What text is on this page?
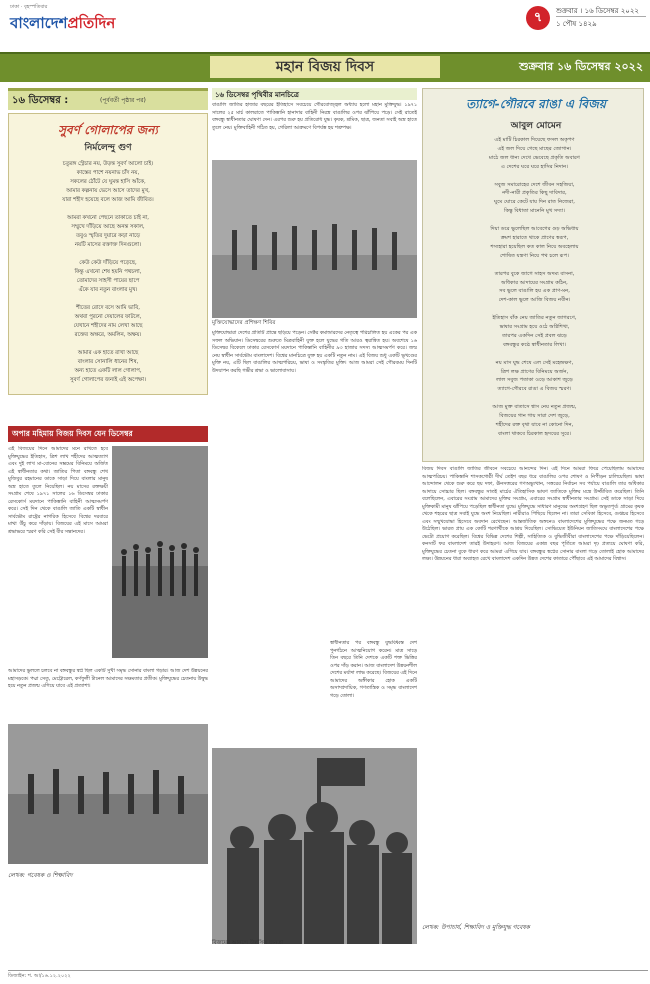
ঢাকা · বৃহস্পতিবার
বাংলাদেশপ্রতিদিন	৭	শুক্রবার । ১৬ ডিসেম্বর ২০২২
১ পৌষ ১৪২৯
মহান বিজয় দিবস	শুক্রবার ১৬ ডিসেম্বর ২০২২
১৬ ডিসেম্বর :	(পূর্ববর্তী পৃষ্ঠার পর)
সুবর্ণ গোলাপের জন্য
নির্মলেন্দু গুণ
চতুরঙ্গ স্ট্রেচার নয়, উড়ন্ত সুবর্ণ আলো চাই।
কাস্তের পাশে নয়নাভ চাঁদ নয়,
সকলের ঠোঁটে যে ঘুমন্ত হাসি আঁকে,
আমার কল্পনায় ভেসে আসে তাদের মুখ,
যারা শহীদ হয়েছে বলে আজ আমি জীবিত।

আমরা কখনো পেছনে তাকাতে চাই না,
সম্মুখে দাঁড়িয়ে আছে অনন্ত সকাল,
তবুও স্মৃতির দুয়ারে কড়া নাড়ে
নয়টি মাসের রক্তাক্ত দিনগুলো।

কেউ কেউ দাঁড়িয়ে পড়েছে,
কিন্তু এখনো শেষ হয়নি পথচলা,
তোমাদের সাহসী পায়ের ছাপে
এঁকে যাব নতুন বাংলার মুখ।

শীতের রোদে বসে আমি ভাবি,
অথবা পুরনো দেয়ালের ফাটলে,
যেখানে শহীদের নাম লেখা আছে
রক্তের অক্ষরে, অমলিন, অক্ষয়।

আমার এক হাতে রাখা আছে
বাংলার সোনালি ধানের শিষ,
অন্য হাতে একটি লাল গোলাপ,
সুবর্ণ গোলাপের জন্যই এই অপেক্ষা।
অপার মহিমায় বিজয় দিবস যেন ডিসেম্বর
এই বিজয়ের দিনে আমাদের মনে রাখতে হবে মুক্তিযুদ্ধের ইতিহাস, ত্রিশ লাখ শহীদের আত্মত্যাগ এবং দুই লাখ মা-বোনের সম্ভ্রমের বিনিময়ে অর্জিত এই স্বাধীনতার কথা। জাতির পিতা বঙ্গবন্ধু শেখ মুজিবুর রহমানের ডাকে সাড়া দিয়ে বাংলার মানুষ অস্ত্র হাতে তুলে নিয়েছিল। নয় মাসের রক্তক্ষয়ী সংগ্রাম শেষে ১৯৭১ সালের ১৬ ডিসেম্বর ঢাকার রেসকোর্স ময়দানে পাকিস্তানি বাহিনী আত্মসমর্পণ করে। সেই দিন থেকে বাঙালি জাতি একটি স্বাধীন সার্বভৌম রাষ্ট্রের নাগরিক হিসেবে বিশ্বের দরবারে মাথা উঁচু করে দাঁড়ায়। বিজয়ের এই মাসে আমরা শ্রদ্ধাভরে স্মরণ করি সেই বীর সন্তানদের।
আমাদের ভুললে চলবে না বঙ্গবন্ধুর স্বপ্ন ছিল একটি সুখী সমৃদ্ধ সোনার বাংলা গড়ার। আজ দেশ উন্নয়নের মহাসড়কে। পদ্মা সেতু, মেট্রোরেল, কর্ণফুলী টানেল আমাদের সক্ষমতার প্রতীক। মুক্তিযুদ্ধের চেতনায় উদ্বুদ্ধ হয়ে নতুন প্রজন্ম এগিয়ে যাবে এই প্রত্যাশা।
লেখক: গবেষক ও শিক্ষাবিদ
১৬ ডিসেম্বর পৃথিবীর মানচিত্রে
বাঙালি জাতির হাজার বছরের ইতিহাসে সবচেয়ে গৌরবোজ্জ্বল অধ্যায় হলো মহান মুক্তিযুদ্ধ। ১৯৭১ সালের ২৫ মার্চ কালরাতে পাকিস্তানি হানাদার বাহিনী নিরস্ত্র বাঙালির ওপর ঝাঁপিয়ে পড়ে। সেই রাতেই বঙ্গবন্ধু স্বাধীনতার ঘোষণা দেন। এরপর শুরু হয় প্রতিরোধ যুদ্ধ। কৃষক, শ্রমিক, ছাত্র, জনতা সবাই অস্ত্র হাতে তুলে নেয়। মুক্তিবাহিনী গঠিত হয়, গেরিলা আক্রমণে বিপর্যস্ত হয় শত্রুপক্ষ।
মুক্তিযোদ্ধাদের প্রশিক্ষণ শিবির
মুক্তিযোদ্ধারা দেশের প্রতিটি প্রান্তে ছড়িয়ে পড়েন। সেক্টর কমান্ডারদের নেতৃত্বে পরিচালিত হয় একের পর এক সফল অভিযান। ডিসেম্বরের শুরুতে মিত্রবাহিনী যুক্ত হলে যুদ্ধের গতি আরও ত্বরান্বিত হয়। অবশেষে ১৬ ডিসেম্বর বিকেলে ঢাকার রেসকোর্স ময়দানে পাকিস্তানি বাহিনীর ৯৩ হাজার সদস্য আত্মসমর্পণ করে। জন্ম নেয় স্বাধীন সার্বভৌম বাংলাদেশ। বিশ্বের মানচিত্রে যুক্ত হয় একটি নতুন নাম। এই বিজয় শুধু একটি ভূখণ্ডের মুক্তি নয়, এটি ছিল বাঙালির আত্মপরিচয়, ভাষা ও সংস্কৃতির মুক্তি। আজ আমরা সেই গৌরবময় দিনটি উদযাপন করছি গভীর শ্রদ্ধা ও ভালোবাসায়।
বিজয়ের আনন্দে উল্লসিত জনতা
স্বাধীনতার পর বঙ্গবন্ধু যুদ্ধবিধ্বস্ত দেশ পুনর্গঠনে আত্মনিয়োগ করেন। মাত্র সাড়ে তিন বছরে তিনি দেশকে একটি শক্ত ভিত্তির ওপর দাঁড় করান। আজ বাংলাদেশ উন্নয়নশীল দেশের মর্যাদা লাভ করেছে। বিজয়ের এই দিনে আমাদের অঙ্গীকার হোক একটি অসাম্প্রদায়িক, গণতান্ত্রিক ও সমৃদ্ধ বাংলাদেশ গড়ে তোলা।
ত্যাগে-গৌরবে রাঙা এ বিজয়
আবুল মোমেন
এই মাটি চিরকাল দিয়েছে ফসল অকৃপণ
এই জল দিয়ে গেছে মাছের জোগান।
মাঠে জল ধান্য দেখে ভেবেছে প্রকৃতি অবারণ
এ দেশের ঘরে ঘরে হাসির নিদান।

সবুজ সমারোহের দেশে জীবন সহজিয়া,
নদী-নারী প্রকৃতির কিছু দাবিদার,
ঘুমে ঘোরে কেটে যায় দিন রাত নিজেরা,
কিন্তু বিধাতা মানেনি মুখ সদ্যা।

দিয়া ডরে ভুলেছিল আবেগের গুঢ় অভিধায়
ক্রমশ হারাতে থাকে প্রাণের স্বরূপ,
শস্যহারা হয়েছিল কত কাল নিয়ে অবহেলায়
শোষিত যন্ত্রণা নিয়ে পথ চলে রূপ।

তারপর বুকে জাগে সাহস অদম্য বাসনা,
অধিকার আদায়ের সংগ্রাম কঠিন,
সব ভুলে বাঙালি হয় এক প্রাণ-মন,
দেশ-কাল ভুলে আজি বিজয় নবীন।

ইতিহাস বাঁক নেয় জাতির নতুন জাগরণে,
ভাষার সংগ্রাম হয়ে ওঠে অগ্নিশিখা,
তারপর একদিন সেই প্রবল ঝড়ে
বঙ্গবন্ধুর কণ্ঠে স্বাধীনতার লিখা।

নয় মাস যুদ্ধ শেষে এল সেই মহেন্দ্রক্ষণ,
ত্রিশ লক্ষ প্রাণের বিনিময়ে অর্জন,
লাল সবুজ পতাকা ওড়ে আকাশ জুড়ে
ত্যাগে-গৌরবে রাঙা এ বিজয় স্মরণ।

আজ মুক্ত বাতাসে শ্বাস নেয় নতুন প্রজন্ম,
বিজয়ের গান গায় সারা দেশ জুড়ে,
শহীদের রক্ত বৃথা যাবে না কোনো দিন,
বাংলা থাকবে চিরকাল হৃদয়ের সুরে।
বিজয় দিবস বাঙালি জাতির জীবনে সবচেয়ে আনন্দের দিন। এই দিনে আমরা ফিরে পেয়েছিলাম আমাদের আত্মপরিচয়। পাকিস্তানি শাসকগোষ্ঠী দীর্ঘ তেইশ বছর ধরে বাঙালির ওপর শোষণ ও নিপীড়ন চালিয়েছিল। ভাষা আন্দোলন থেকে শুরু করে ছয় দফা, ঊনসত্তরের গণঅভ্যুত্থান, সত্তরের নির্বাচন সব পর্যায়ে বাঙালি তার অধিকার আদায়ে সোচ্চার ছিল। বঙ্গবন্ধুর সাতই মার্চের ঐতিহাসিক ভাষণ জাতিকে মুক্তির মন্ত্রে উজ্জীবিত করেছিল। তিনি বলেছিলেন, এবারের সংগ্রাম আমাদের মুক্তির সংগ্রাম, এবারের সংগ্রাম স্বাধীনতার সংগ্রাম। সেই ডাকে সাড়া দিয়ে মুক্তিকামী মানুষ ঝাঁপিয়ে পড়েছিল স্বাধীনতা যুদ্ধে। মুক্তিযুদ্ধে সাধারণ মানুষের অংশগ্রহণ ছিল অভূতপূর্ব। গ্রামের কৃষক থেকে শহরের ছাত্র সবাই যুদ্ধে অংশ নিয়েছিল। নারীরাও পিছিয়ে ছিলেন না। তারা সেবিকা হিসেবে, গুপ্তচর হিসেবে এবং সম্মুখযোদ্ধা হিসেবে অবদান রেখেছেন। আন্তর্জাতিক অঙ্গনেও বাংলাদেশের মুক্তিযুদ্ধের পক্ষে জনমত গড়ে উঠেছিল। ভারত প্রায় এক কোটি শরণার্থীকে আশ্রয় দিয়েছিল। সোভিয়েত ইউনিয়ন জাতিসংঘে বাংলাদেশের পক্ষে ভেটো প্রয়োগ করেছিল। বিশ্বের বিভিন্ন দেশের শিল্পী, সাহিত্যিক ও বুদ্ধিজীবীরা বাংলাদেশের পক্ষে দাঁড়িয়েছিলেন। কনসার্ট ফর বাংলাদেশ তারই উদাহরণ। আজ বিজয়ের একান্ন বছর পূর্তিতে আমরা দৃঢ় প্রত্যয়ে ঘোষণা করি, মুক্তিযুদ্ধের চেতনা বুকে ধারণ করে আমরা এগিয়ে যাব। বঙ্গবন্ধুর স্বপ্নের সোনার বাংলা গড়ে তোলাই হোক আমাদের লক্ষ্য। উন্নয়নের ধারা অব্যাহত রেখে বাংলাদেশ একদিন উন্নত দেশের কাতারে পৌঁছাবে এই আমাদের বিশ্বাস।
লেখক: উপাচার্য, শিক্ষাবিদ ও মুক্তিযুদ্ধ গবেষক
ডিজাইন: শ. আ/১৬.১২.২০২২
